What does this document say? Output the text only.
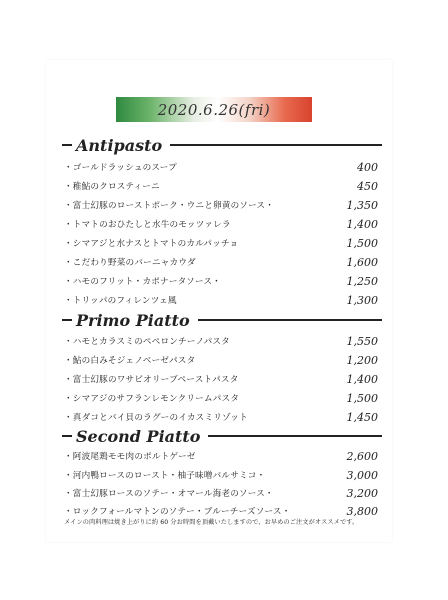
2020.6.26(fri)
Antipasto
・ゴールドラッシュのスープ	400
・稚鮎のクロスティーニ	450
・富士幻豚のローストポーク・ウニと卵黄のソース・	1,350
・トマトのおひたしと水牛のモッツァレラ	1,400
・シマアジと水ナスとトマトのカルパッチョ	1,500
・こだわり野菜のバーニャカウダ	1,600
・ハモのフリット・カポナータソース・	1,250
・トリッパのフィレンツェ風	1,300
Primo Piatto
・ハモとカラスミのペペロンチーノパスタ	1,550
・鮎の白みそジェノベーゼパスタ	1,200
・富士幻豚のワサビオリーブペーストパスタ	1,400
・シマアジのサフランレモンクリームパスタ	1,500
・真ダコとバイ貝のラグーのイカスミリゾット	1,450
Second Piatto
・阿波尾鶏モモ肉のポルトゲーゼ	2,600
・河内鴨ロースのロースト・柚子味噌バルサミコ・	3,000
・富士幻豚ロースのソテー・オマール海老のソース・	3,200
・ロックフォールマトンのソテー・ブルーチーズソース・	3,800
メインの肉料理は焼き上がりに約 60 分お時間を頂戴いたしますので、お早めのご注文がオススメです。
